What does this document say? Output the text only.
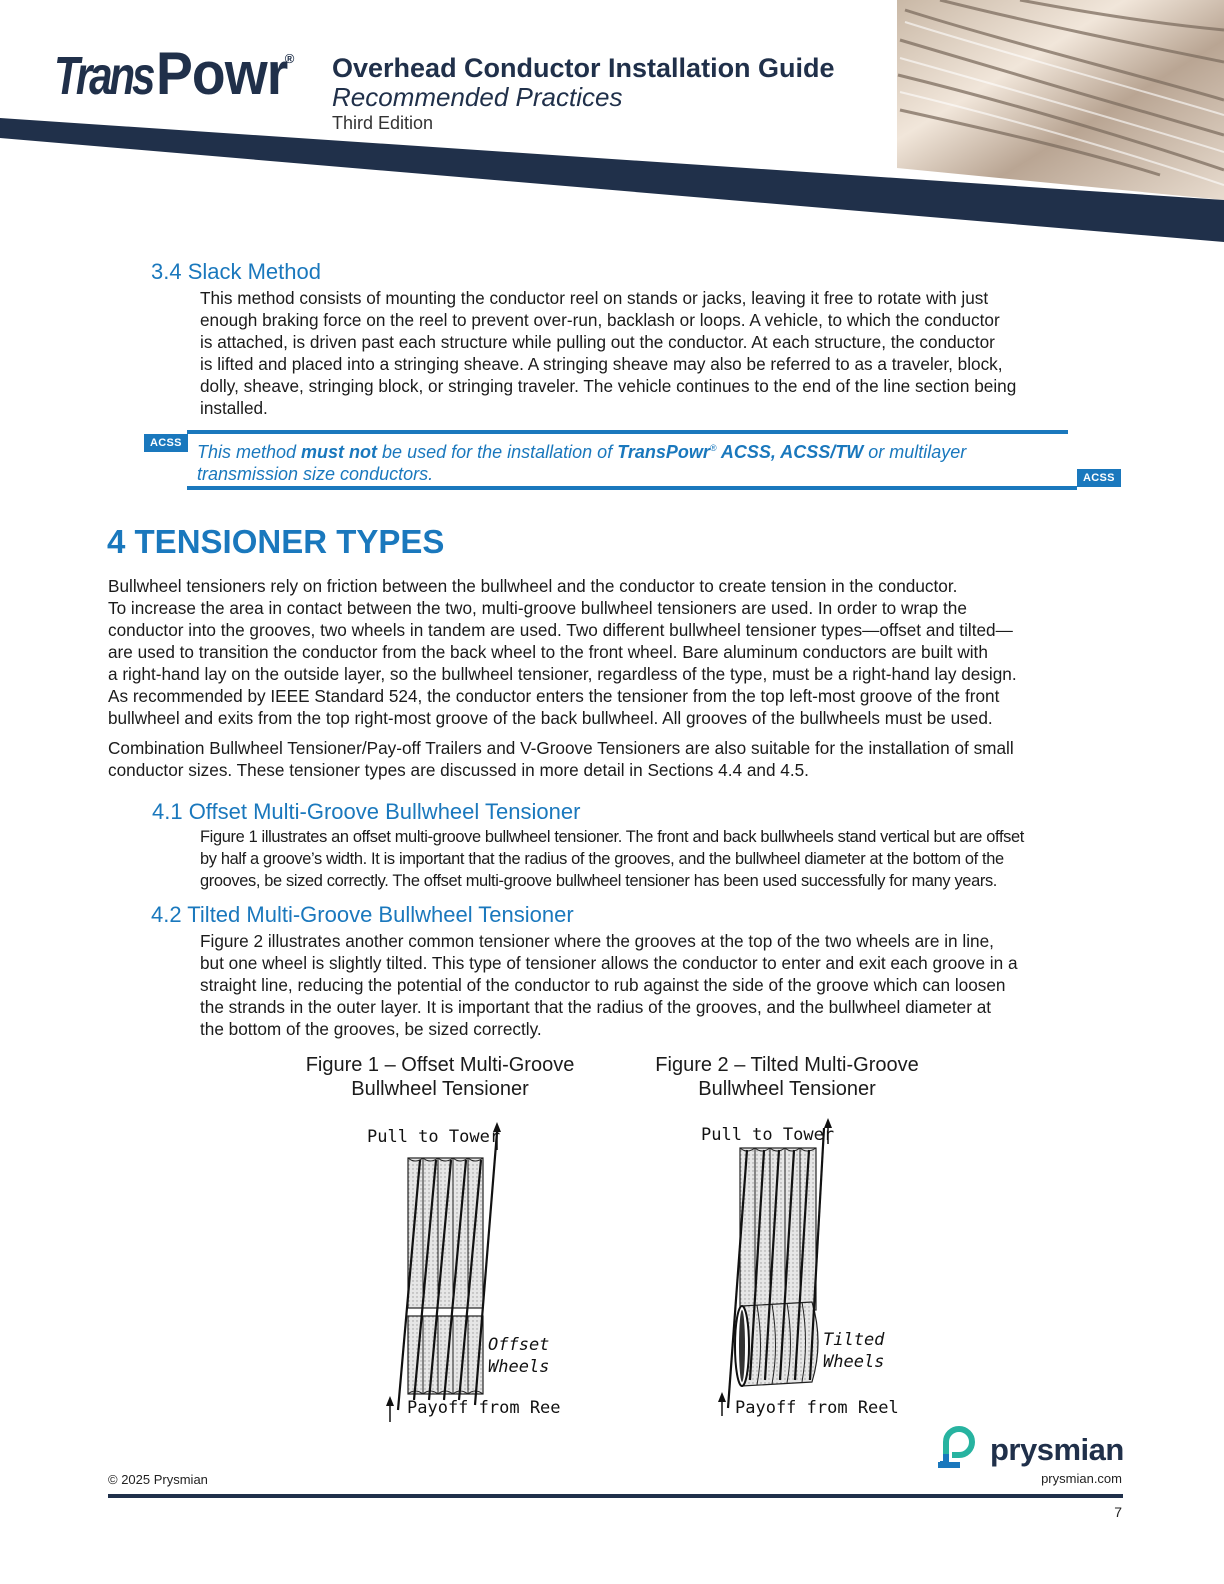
TransPowr® Overhead Conductor Installation Guide
Recommended Practices
Third Edition
3.4 Slack Method
This method consists of mounting the conductor reel on stands or jacks, leaving it free to rotate with just
enough braking force on the reel to prevent over-run, backlash or loops. A vehicle, to which the conductor
is attached, is driven past each structure while pulling out the conductor. At each structure, the conductor
is lifted and placed into a stringing sheave. A stringing sheave may also be referred to as a traveler, block,
dolly, sheave, stringing block, or stringing traveler. The vehicle continues to the end of the line section being
installed.
ACSS This method must not be used for the installation of TransPowr® ACSS, ACSS/TW or multilayer
transmission size conductors.	ACSS
4 TENSIONER TYPES
Bullwheel tensioners rely on friction between the bullwheel and the conductor to create tension in the conductor.
To increase the area in contact between the two, multi-groove bullwheel tensioners are used. In order to wrap the
conductor into the grooves, two wheels in tandem are used. Two different bullwheel tensioner types—offset and tilted—
are used to transition the conductor from the back wheel to the front wheel. Bare aluminum conductors are built with
a right-hand lay on the outside layer, so the bullwheel tensioner, regardless of the type, must be a right-hand lay design.
As recommended by IEEE Standard 524, the conductor enters the tensioner from the top left-most groove of the front
bullwheel and exits from the top right-most groove of the back bullwheel. All grooves of the bullwheels must be used.
Combination Bullwheel Tensioner/Pay-off Trailers and V-Groove Tensioners are also suitable for the installation of small
conductor sizes. These tensioner types are discussed in more detail in Sections 4.4 and 4.5.
4.1 Offset Multi-Groove Bullwheel Tensioner
Figure 1 illustrates an offset multi-groove bullwheel tensioner. The front and back bullwheels stand vertical but are offset
by half a groove’s width. It is important that the radius of the grooves, and the bullwheel diameter at the bottom of the
grooves, be sized correctly. The offset multi-groove bullwheel tensioner has been used successfully for many years.
4.2 Tilted Multi-Groove Bullwheel Tensioner
Figure 2 illustrates another common tensioner where the grooves at the top of the two wheels are in line,
but one wheel is slightly tilted. This type of tensioner allows the conductor to enter and exit each groove in a
straight line, reducing the potential of the conductor to rub against the side of the groove which can loosen
the strands in the outer layer. It is important that the radius of the grooves, and the bullwheel diameter at
the bottom of the grooves, be sized correctly.
Figure 1 – Offset Multi-Groove
Bullwheel Tensioner
Figure 2 – Tilted Multi-Groove
Bullwheel Tensioner
Pull to Tower
Offset
Wheels
Payoff from Ree
Pull to Tower
Tilted
Wheels
Payoff from Reel
prysmian
© 2025 Prysmian	prysmian.com
7
